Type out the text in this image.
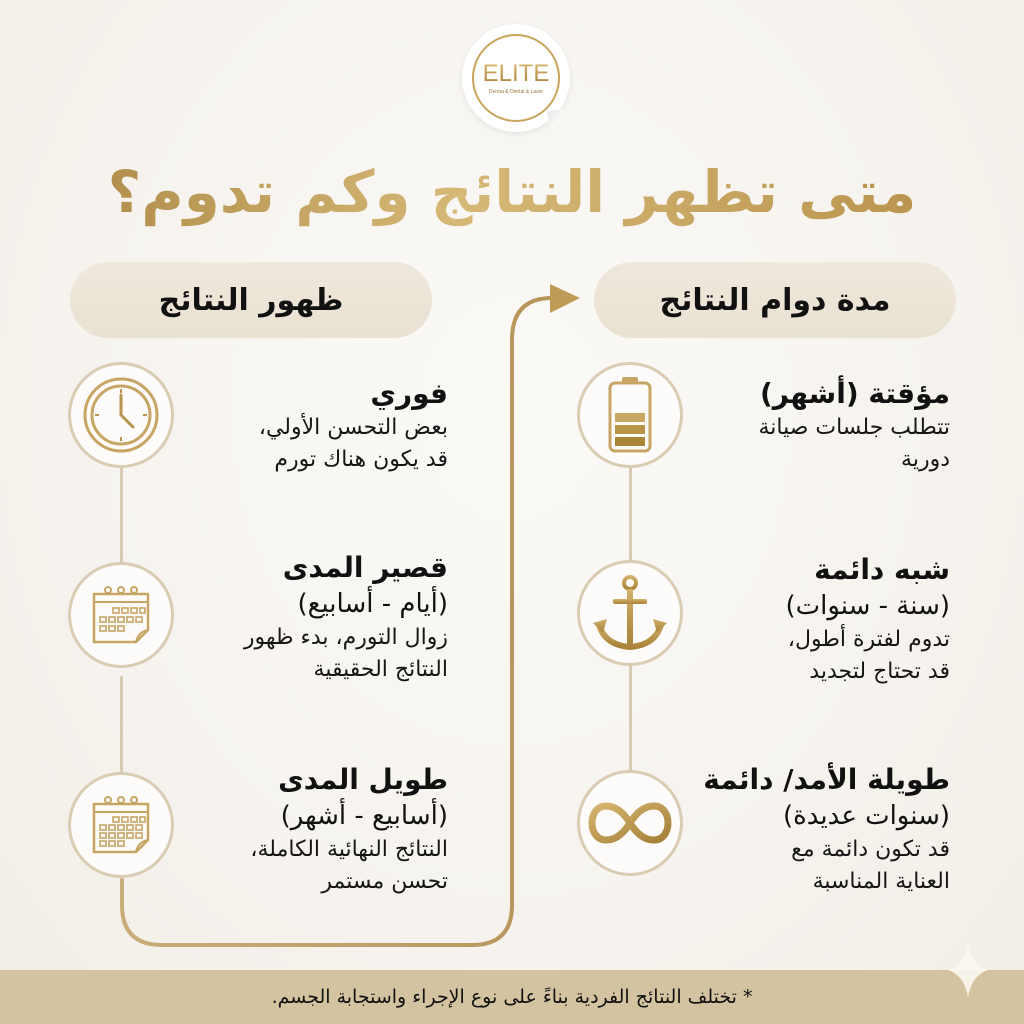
ELITE
Derma & Dental & Laser
متى تظهر النتائج وكم تدوم؟
ظهور النتائج	مدة دوام النتائج
فوري
بعض التحسن الأولي،
قد يكون هناك تورم
قصير المدى
(أيام - أسابيع)
زوال التورم، بدء ظهور
النتائج الحقيقية
طويل المدى
(أسابيع - أشهر)
النتائج النهائية الكاملة،
تحسن مستمر
مؤقتة (أشهر)
تتطلب جلسات صيانة
دورية
شبه دائمة
(سنة - سنوات)
تدوم لفترة أطول،
قد تحتاج لتجديد
طويلة الأمد/ دائمة
(سنوات عديدة)
قد تكون دائمة مع
العناية المناسبة
* تختلف النتائج الفردية بناءً على نوع الإجراء واستجابة الجسم.
